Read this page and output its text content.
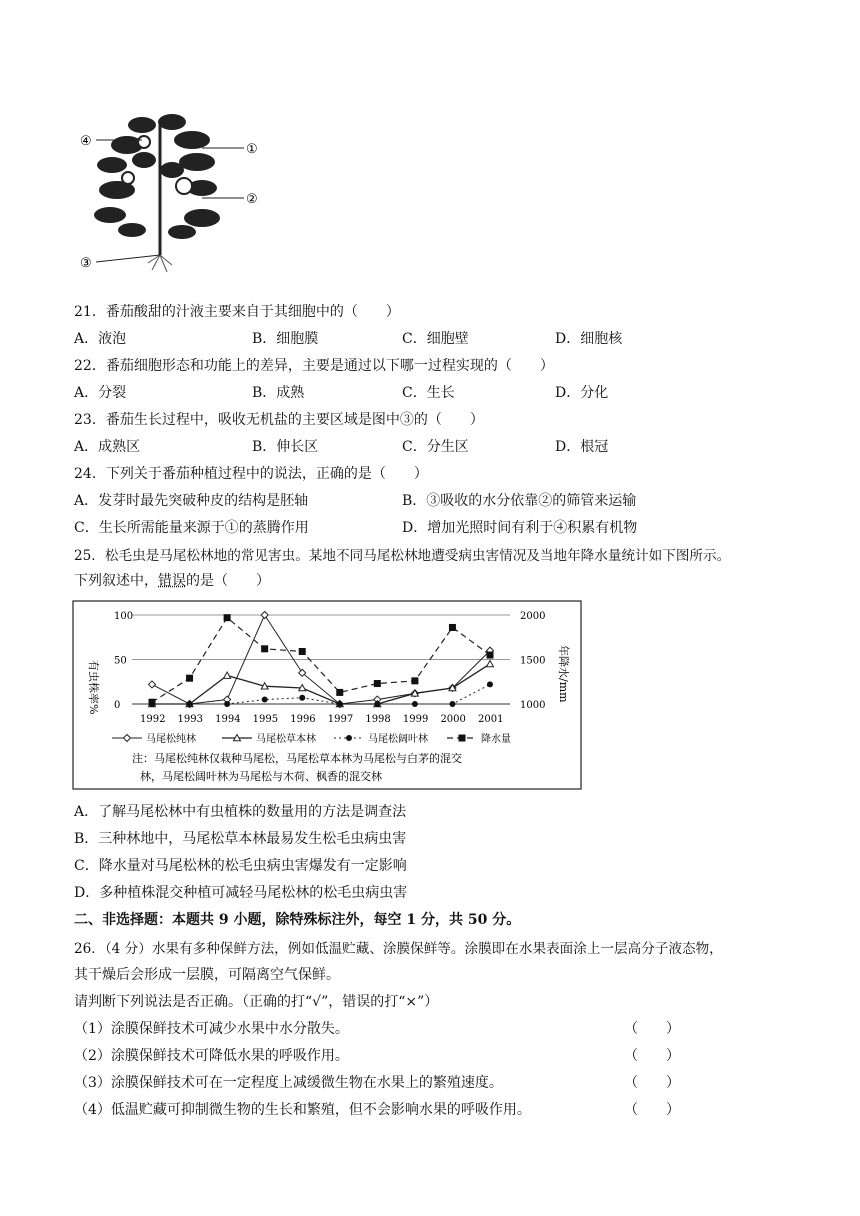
④
①
②
③
21．番茄酸甜的汁液主要来自于其细胞中的（　　）
A．液泡	B．细胞膜	C．细胞壁	D．细胞核
22．番茄细胞形态和功能上的差异，主要是通过以下哪一过程实现的（　　）
A．分裂	B．成熟	C．生长	D．分化
23．番茄生长过程中，吸收无机盐的主要区域是图中③的（　　）
A．成熟区	B．伸长区	C．分生区	D．根冠
24．下列关于番茄种植过程中的说法，正确的是（　　）
A．发芽时最先突破种皮的结构是胚轴	B．③吸收的水分依靠②的筛管来运输
C．生长所需能量来源于①的蒸腾作用	D．增加光照时间有利于④积累有机物
25．松毛虫是马尾松林地的常见害虫。某地不同马尾松林地遭受病虫害情况及当地年降水量统计如下图所示。
下列叙述中，错误的是（　　）
有虫株率%	年降水/mm
100
50
0
2000
1500
1000
1992 1993 1994 1995 1996 1997 1998 1999 2000 2001
马尾松纯林	马尾松草本林	马尾松阔叶林	降水量
注：马尾松纯林仅栽种马尾松，马尾松草本林为马尾松与白茅的混交
林，马尾松阔叶林为马尾松与木荷、枫香的混交林
A．了解马尾松林中有虫植株的数量用的方法是调查法
B．三种林地中，马尾松草本林最易发生松毛虫病虫害
C．降水量对马尾松林的松毛虫病虫害爆发有一定影响
D．多种植株混交种植可减轻马尾松林的松毛虫病虫害
二、非选择题：本题共 9 小题，除特殊标注外，每空 1 分，共 50 分。
26．（4 分）水果有多种保鲜方法，例如低温贮藏、涂膜保鲜等。涂膜即在水果表面涂上一层高分子液态物，
其干燥后会形成一层膜，可隔离空气保鲜。
请判断下列说法是否正确。（正确的打“√”，错误的打“×”）
（1）涂膜保鲜技术可减少水果中水分散失。	（　　）
（2）涂膜保鲜技术可降低水果的呼吸作用。	（　　）
（3）涂膜保鲜技术可在一定程度上减缓微生物在水果上的繁殖速度。	（　　）
（4）低温贮藏可抑制微生物的生长和繁殖，但不会影响水果的呼吸作用。	（　　）
